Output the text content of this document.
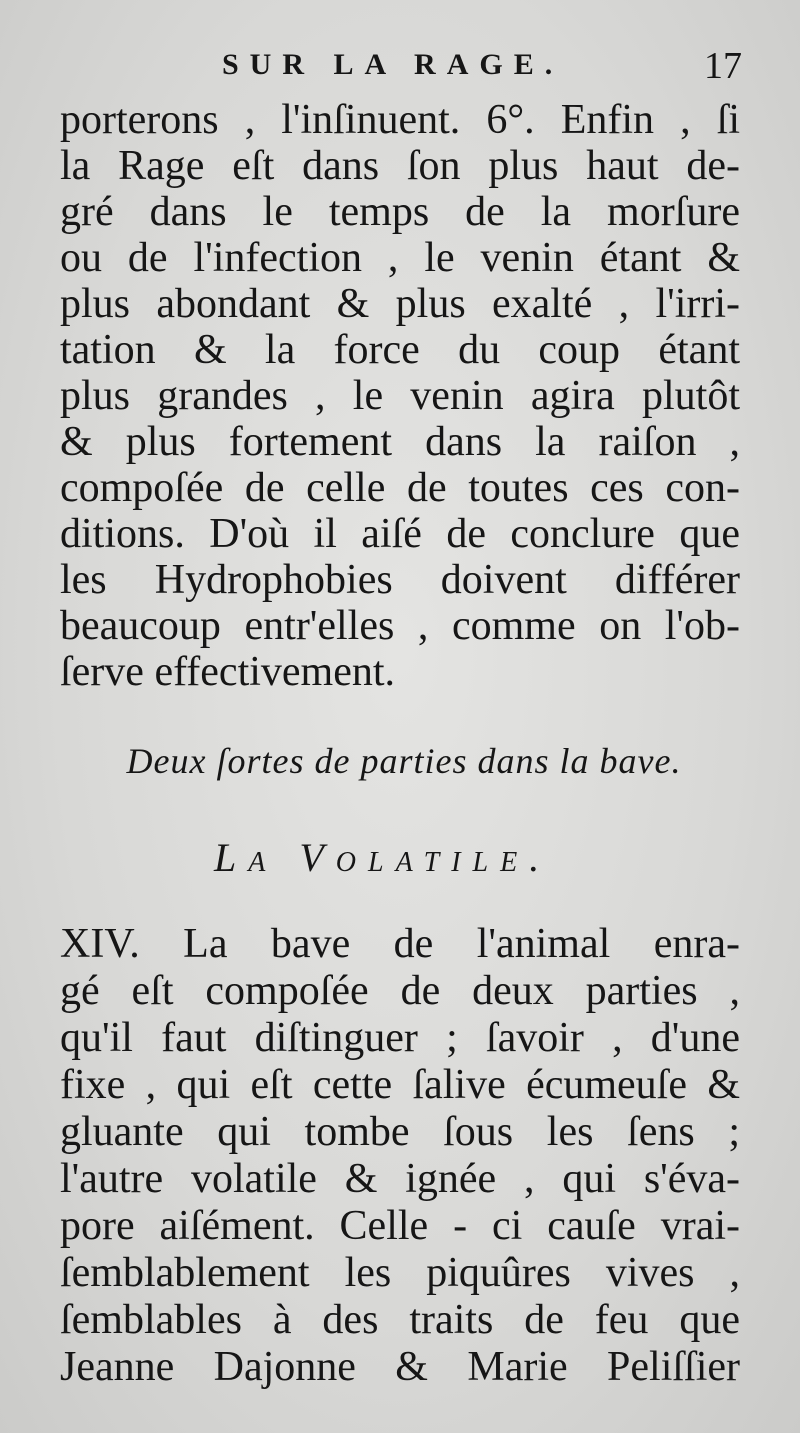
SUR LA RAGE.	17
porterons , l'inſinuent. 6°. Enfin , ſi
la Rage eſt dans ſon plus haut de-
gré dans le temps de la morſure
ou de l'infection , le venin étant &
plus abondant & plus exalté , l'irri-
tation & la force du coup étant
plus grandes , le venin agira plutôt
& plus fortement dans la raiſon ,
compoſée de celle de toutes ces con-
ditions. D'où il aiſé de conclure que
les Hydrophobies doivent différer
beaucoup entr'elles , comme on l'ob-
ſerve effectivement.
Deux ſortes de parties dans la bave.
La Volatile.
XIV. La bave de l'animal enra-
gé eſt compoſée de deux parties ,
qu'il faut diſtinguer ; ſavoir , d'une
fixe , qui eſt cette ſalive écumeuſe &
gluante qui tombe ſous les ſens ;
l'autre volatile & ignée , qui s'éva-
pore aiſément. Celle - ci cauſe vrai-
ſemblablement les piquûres vives ,
ſemblables à des traits de feu que
Jeanne Dajonne & Marie Peliſſier
